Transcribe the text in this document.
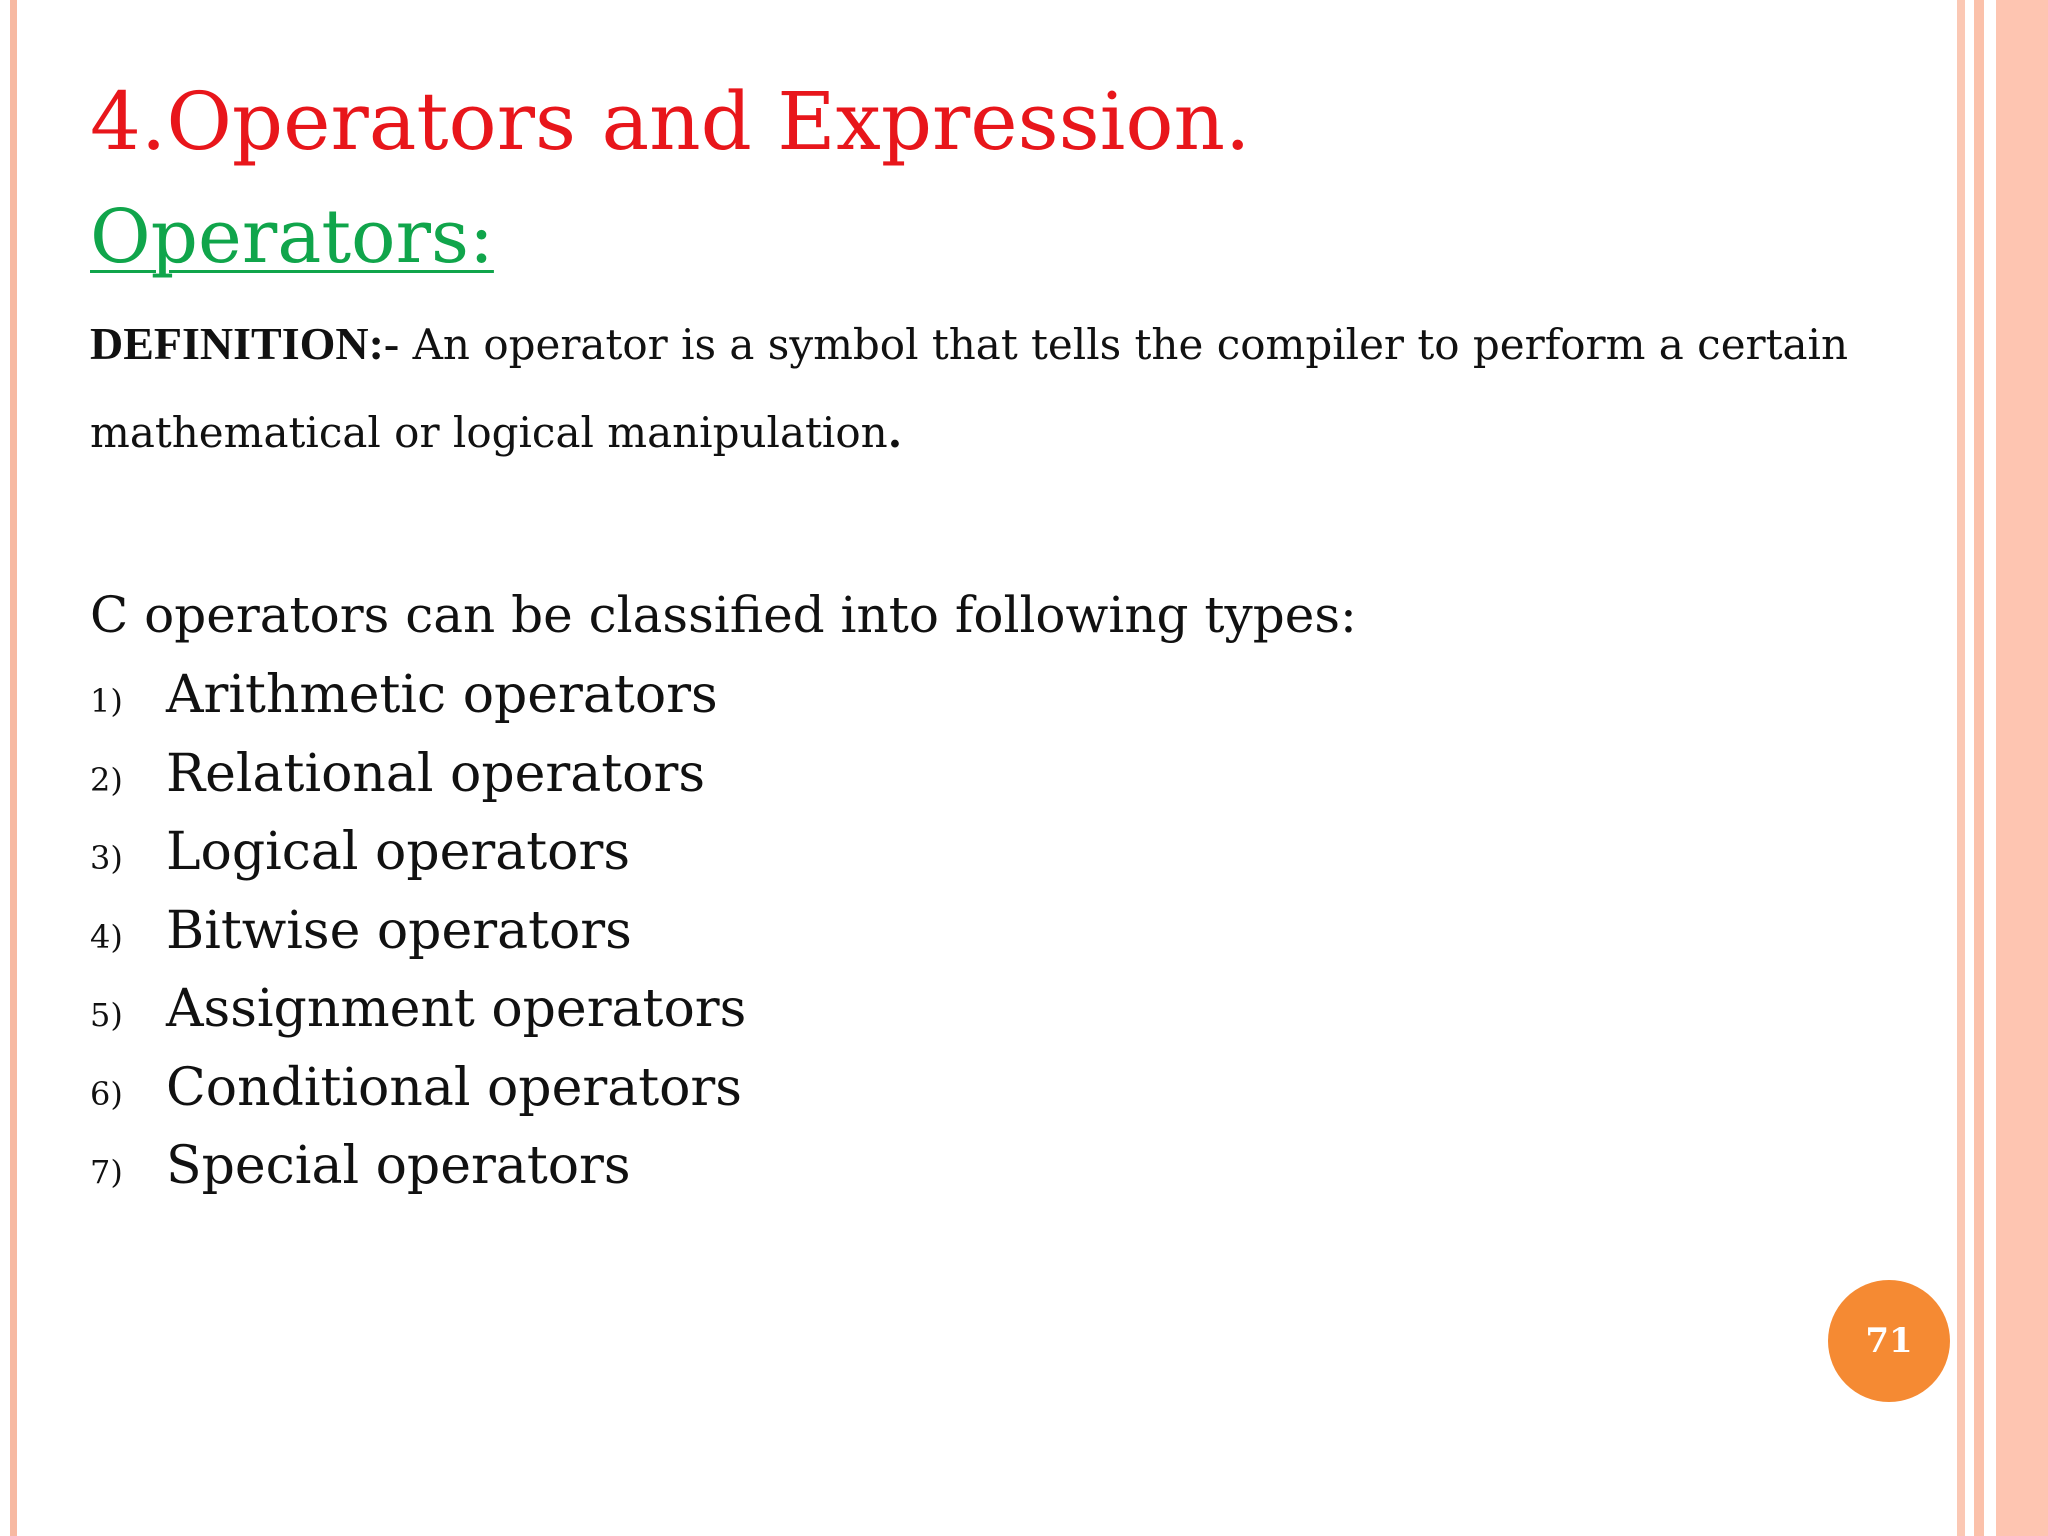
4.Operators and Expression.
Operators:

DEFINITION:- An operator is a symbol that tells the compiler to perform a certain mathematical or logical manipulation.

C operators can be classified into following types:

1) Arithmetic operators
2) Relational operators
3) Logical operators
4) Bitwise operators
5) Assignment operators
6) Conditional operators
7) Special operators
71
